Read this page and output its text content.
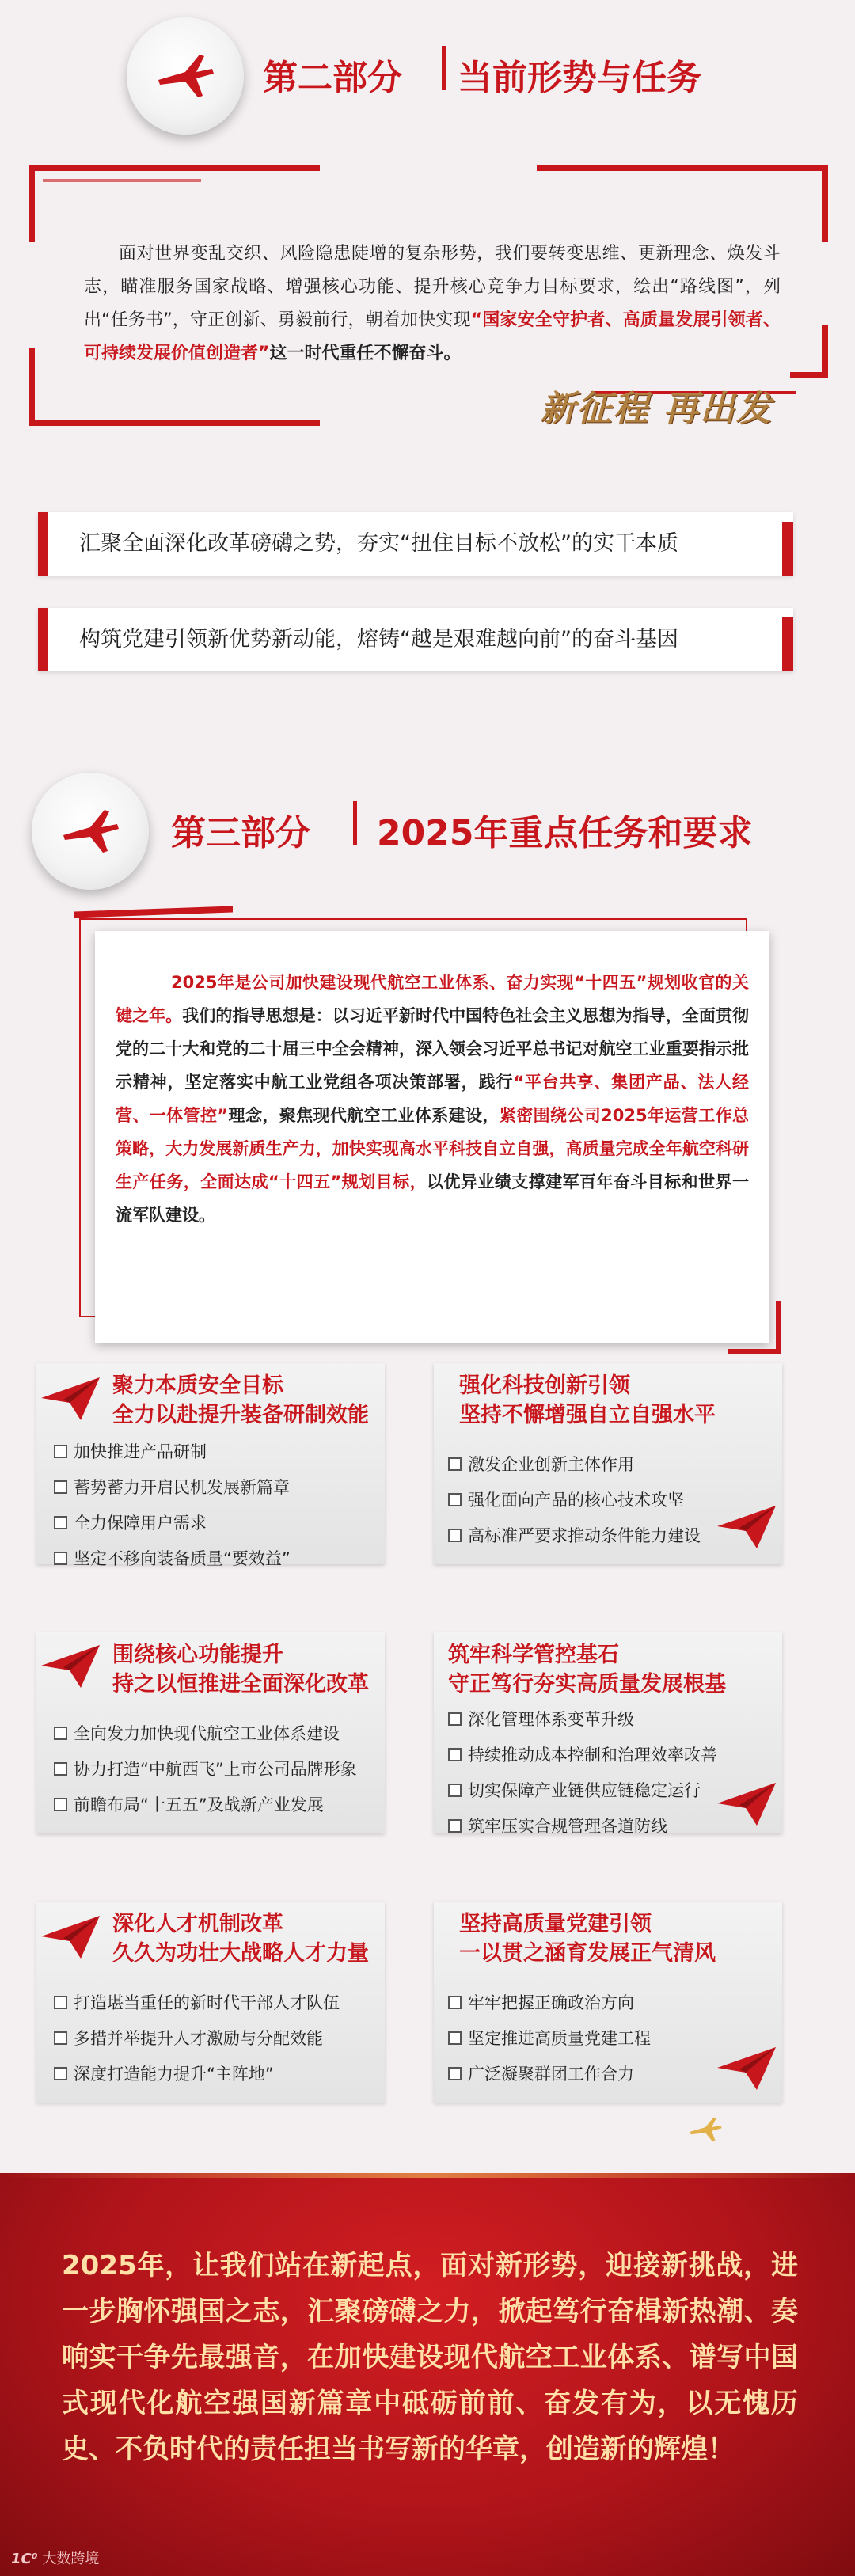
第二部分 当前形势与任务
面对世界变乱交织、风险隐患陡增的复杂形势，我们要转变思维、更新理念、焕发斗志，瞄准服务国家战略、增强核心功能、提升核心竞争力目标要求，绘出“路线图”，列出“任务书”，守正创新、勇毅前行，朝着加快实现“国家安全守护者、高质量发展引领者、可持续发展价值创造者”这一时代重任不懈奋斗。
新征程 再出发
汇聚全面深化改革磅礴之势，夯实“扭住目标不放松”的实干本质
构筑党建引领新优势新动能，熔铸“越是艰难越向前”的奋斗基因
第三部分 2025年重点任务和要求
2025年是公司加快建设现代航空工业体系、奋力实现“十四五”规划收官的关键之年。我们的指导思想是：以习近平新时代中国特色社会主义思想为指导，全面贯彻党的二十大和党的二十届三中全会精神，深入领会习近平总书记对航空工业重要指示批示精神，坚定落实中航工业党组各项决策部署，践行“平台共享、集团产品、法人经营、一体管控”理念，聚焦现代航空工业体系建设，紧密围绕公司2025年运营工作总策略，大力发展新质生产力，加快实现高水平科技自立自强，高质量完成全年航空科研生产任务，全面达成“十四五”规划目标，以优异业绩支撑建军百年奋斗目标和世界一流军队建设。
聚力本质安全目标
全力以赴提升装备研制效能
加快推进产品研制
蓄势蓄力开启民机发展新篇章
全力保障用户需求
坚定不移向装备质量“要效益”
强化科技创新引领
坚持不懈增强自立自强水平
激发企业创新主体作用
强化面向产品的核心技术攻坚
高标准严要求推动条件能力建设
围绕核心功能提升
持之以恒推进全面深化改革
全向发力加快现代航空工业体系建设
协力打造“中航西飞”上市公司品牌形象
前瞻布局“十五五”及战新产业发展
筑牢科学管控基石
守正笃行夯实高质量发展根基
深化管理体系变革升级
持续推动成本控制和治理效率改善
切实保障产业链供应链稳定运行
筑牢压实合规管理各道防线
深化人才机制改革
久久为功壮大战略人才力量
打造堪当重任的新时代干部人才队伍
多措并举提升人才激励与分配效能
深度打造能力提升“主阵地”
坚持高质量党建引领
一以贯之涵育发展正气清风
牢牢把握正确政治方向
坚定推进高质量党建工程
广泛凝聚群团工作合力
2025年，让我们站在新起点，面对新形势，迎接新挑战，进一步胸怀强国之志，汇聚磅礴之力，掀起笃行奋楫新热潮、奏响实干争先最强音，在加快建设现代航空工业体系、谱写中国式现代化航空强国新篇章中砥砺前前、奋发有为，以无愧历史、不负时代的责任担当书写新的华章，创造新的辉煌！
1C⁰ 大数跨境
